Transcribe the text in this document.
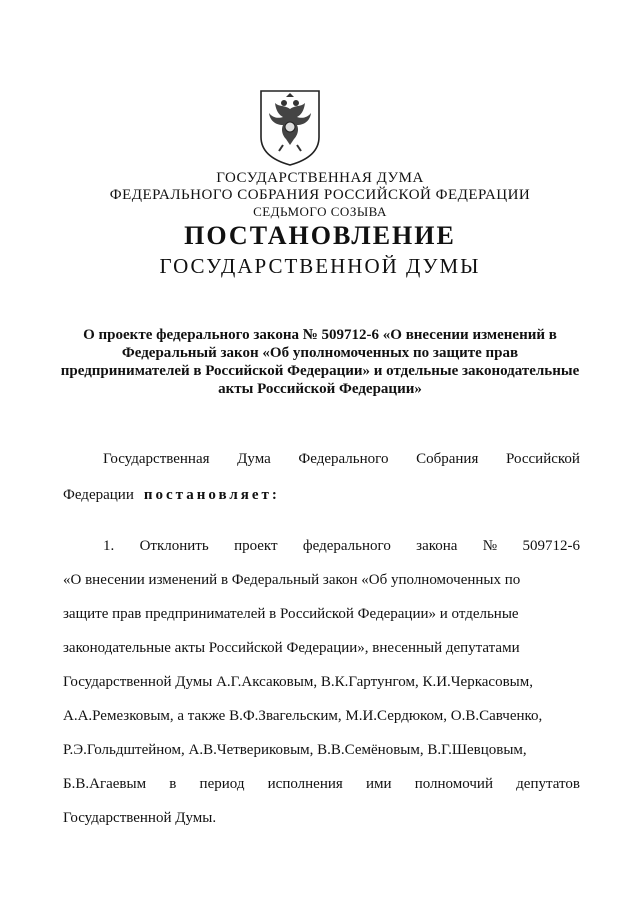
ГОСУДАРСТВЕННАЯ ДУМА
ФЕДЕРАЛЬНОГО СОБРАНИЯ РОССИЙСКОЙ ФЕДЕРАЦИИ
СЕДЬМОГО СОЗЫВА
ПОСТАНОВЛЕНИЕ
ГОСУДАРСТВЕННОЙ ДУМЫ
О проекте федерального закона № 509712-6 «О внесении изменений в Федеральный закон «Об уполномоченных по защите прав предпринимателей в Российской Федерации» и отдельные законодательные акты Российской Федерации»
Государственная Дума Федерального Собрания Российской
Федерации постановляет:
1. Отклонить проект федерального закона № 509712-6
«О внесении изменений в Федеральный закон «Об уполномоченных по
защите прав предпринимателей в Российской Федерации» и отдельные
законодательные акты Российской Федерации», внесенный депутатами
Государственной Думы А.Г.Аксаковым, В.К.Гартунгом, К.И.Черкасовым,
А.А.Ремезковым, а также В.Ф.Звагельским, М.И.Сердюком, О.В.Савченко,
Р.Э.Гольдштейном, А.В.Четвериковым, В.В.Семёновым, В.Г.Шевцовым,
Б.В.Агаевым в период исполнения ими полномочий депутатов
Государственной Думы.
